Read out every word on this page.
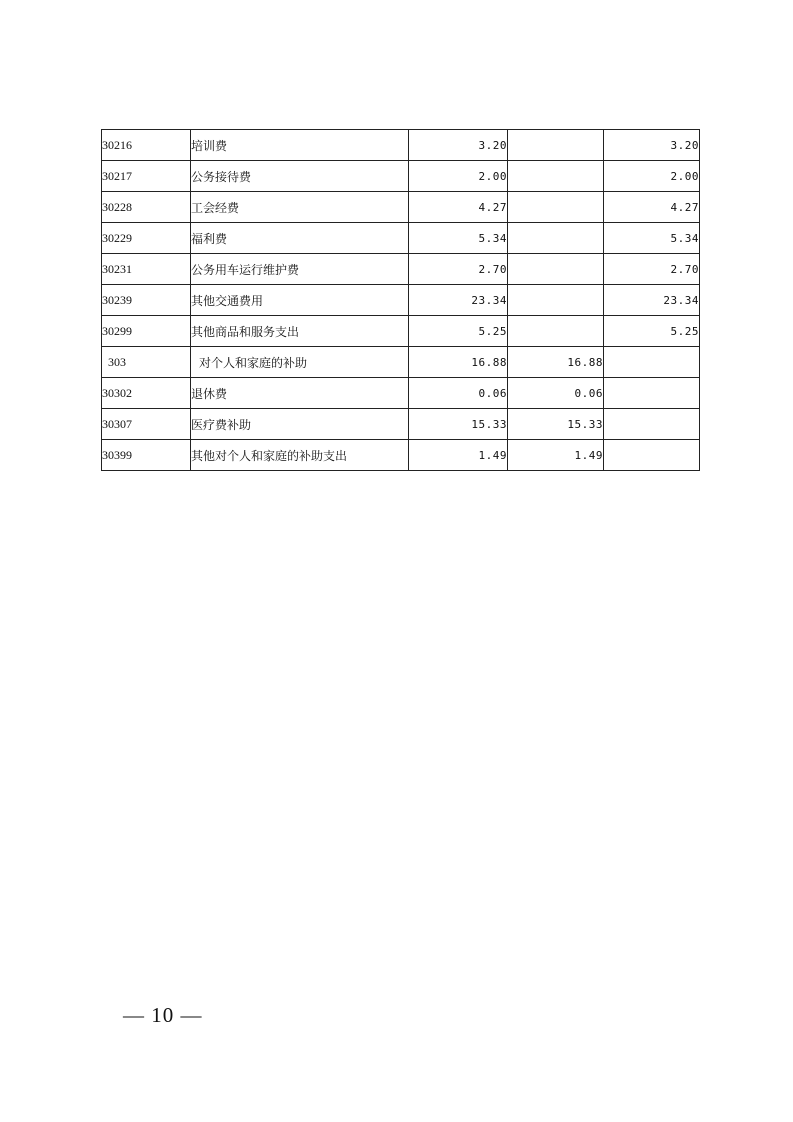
30216	培训费	3.20		3.20
30217	公务接待费	2.00		2.00
30228	工会经费	4.27		4.27
30229	福利费	5.34		5.34
30231	公务用车运行维护费	2.70		2.70
30239	其他交通费用	23.34		23.34
30299	其他商品和服务支出	5.25		5.25
303	对个人和家庭的补助	16.88	16.88	
30302	退休费	0.06	0.06	
30307	医疗费补助	15.33	15.33	
30399	其他对个人和家庭的补助支出	1.49	1.49	
— 10 —
